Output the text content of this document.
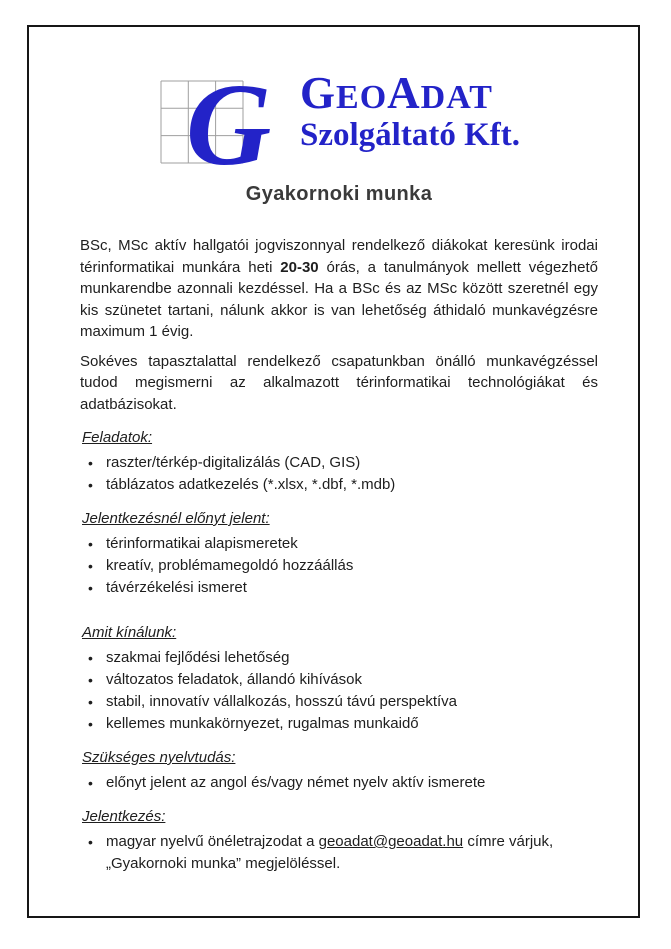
G GEOADAT
Szolgáltató Kft.
Gyakornoki munka

BSc, MSc aktív hallgatói jogviszonnyal rendelkező diákokat keresünk irodai térinformatikai munkára heti 20-30 órás, a tanulmányok mellett végezhető munkarendbe azonnali kezdéssel. Ha a BSc és az MSc között szeretnél egy kis szünetet tartani, nálunk akkor is van lehetőség áthidaló munkavégzésre maximum 1 évig.

Sokéves tapasztalattal rendelkező csapatunkban önálló munkavégzéssel tudod megismerni az alkalmazott térinformatikai technológiákat és adatbázisokat.

Feladatok:
• raszter/térkép-digitalizálás (CAD, GIS)
• táblázatos adatkezelés (*.xlsx, *.dbf, *.mdb)
Jelentkezésnél előnyt jelent:
• térinformatikai alapismeretek
• kreatív, problémamegoldó hozzáállás
• távérzékelési ismeret
Amit kínálunk:
• szakmai fejlődési lehetőség
• változatos feladatok, állandó kihívások
• stabil, innovatív vállalkozás, hosszú távú perspektíva
• kellemes munkakörnyezet, rugalmas munkaidő
Szükséges nyelvtudás:
• előnyt jelent az angol és/vagy német nyelv aktív ismerete
Jelentkezés:
• magyar nyelvű önéletrajzodat a geoadat@geoadat.hu címre várjuk, „Gyakornoki munka” megjelöléssel.
